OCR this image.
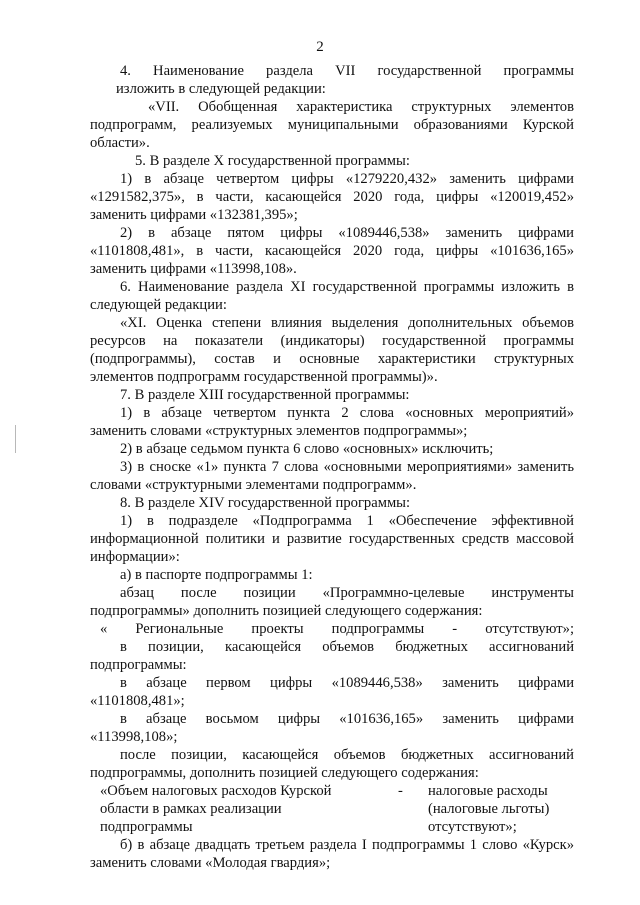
2
4. Наименование раздела VII государственной программы
изложить в следующей редакции:
«VII. Обобщенная характеристика структурных элементов
подпрограмм, реализуемых муниципальными образованиями Курской
области».
5. В разделе Х государственной программы:
1) в абзаце четвертом цифры «1279220,432» заменить цифрами
«1291582,375», в части, касающейся 2020 года, цифры «120019,452»
заменить цифрами «132381,395»;
2) в абзаце пятом цифры «1089446,538» заменить цифрами
«1101808,481», в части, касающейся 2020 года, цифры «101636,165»
заменить цифрами «113998,108».
6. Наименование раздела XI государственной программы изложить в
следующей редакции:
«XI. Оценка степени влияния выделения дополнительных объемов
ресурсов на показатели (индикаторы) государственной программы
(подпрограммы), состав и основные характеристики структурных
элементов подпрограмм государственной программы)».
7. В разделе XIII государственной программы:
1) в абзаце четвертом пункта 2 слова «основных мероприятий»
заменить словами «структурных элементов подпрограммы»;
2) в абзаце седьмом пункта 6 слово «основных» исключить;
3) в сноске «1» пункта 7 слова «основными мероприятиями» заменить
словами «структурными элементами подпрограмм».
8. В разделе XIV государственной программы:
1) в подразделе «Подпрограмма 1 «Обеспечение эффективной
информационной политики и развитие государственных средств массовой
информации»:
а) в паспорте подпрограммы 1:
абзац после позиции «Программно-целевые инструменты
подпрограммы» дополнить позицией следующего содержания:
« Региональные проекты подпрограммы - отсутствуют»;
в позиции, касающейся объемов бюджетных ассигнований
подпрограммы:
в абзаце первом цифры «1089446,538» заменить цифрами
«1101808,481»;
в абзаце восьмом цифры «101636,165» заменить цифрами
«113998,108»;
после позиции, касающейся объемов бюджетных ассигнований
подпрограммы, дополнить позицией следующего содержания:
«Объем налоговых расходов Курской	-	налоговые расходы
области в рамках реализации	(налоговые льготы)
подпрограммы	отсутствуют»;
б) в абзаце двадцать третьем раздела I подпрограммы 1 слово «Курск»
заменить словами «Молодая гвардия»;
